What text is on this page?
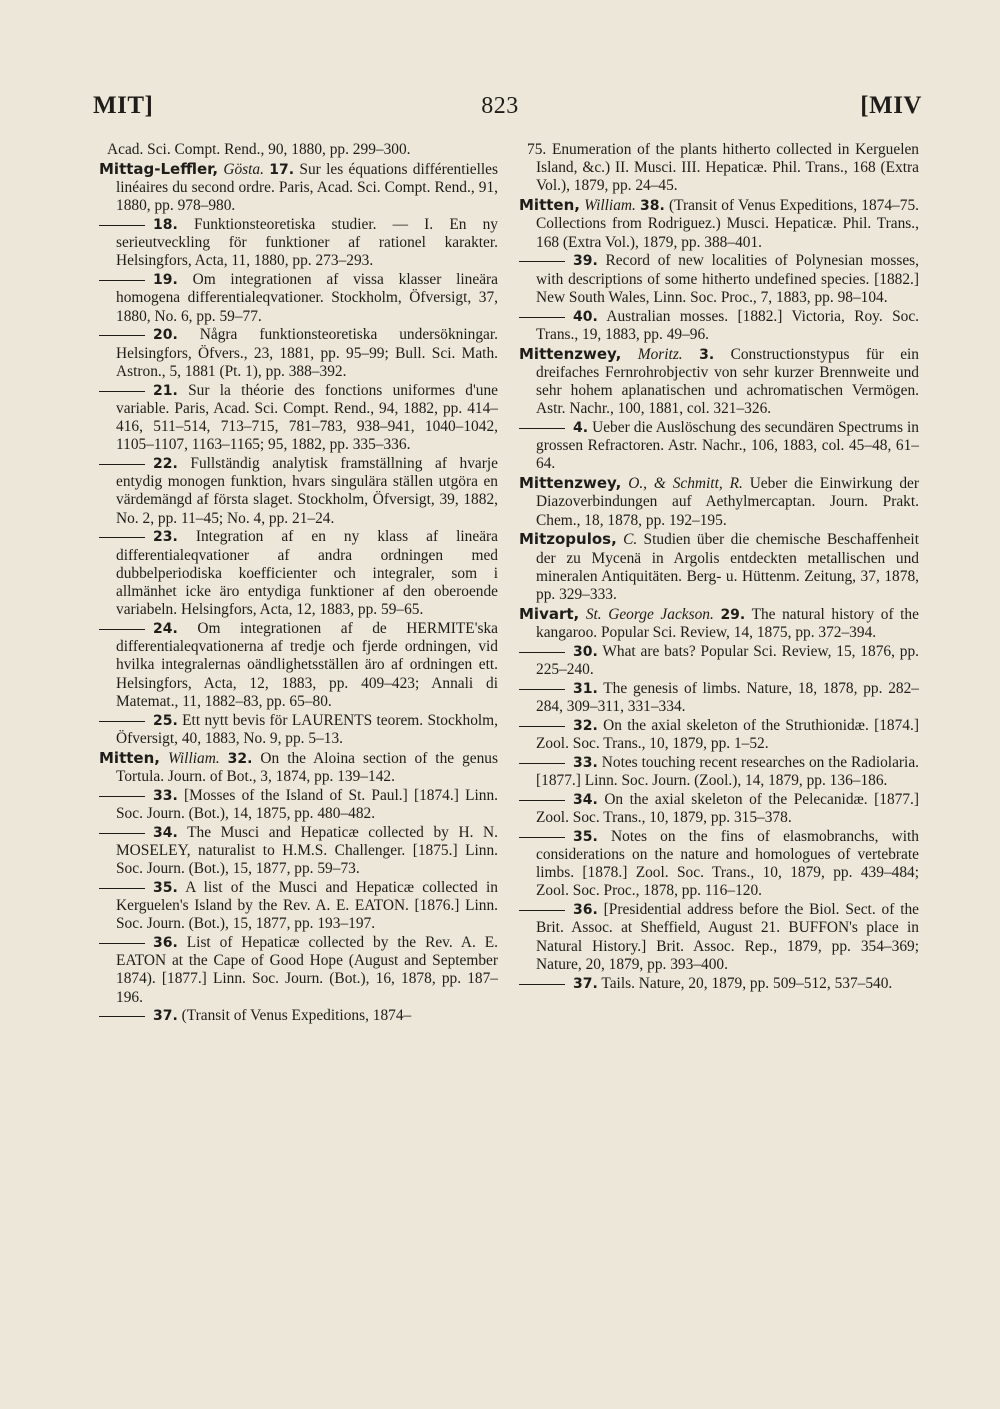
MIT]	823	[MIV

Acad. Sci. Compt. Rend., 90, 1880, pp. 299–300.

Mittag-Leffler, Gösta. 17. Sur les équations différentielles linéaires du second ordre. Paris, Acad. Sci. Compt. Rend., 91, 1880, pp. 978–980.

18. Funktionsteoretiska studier. — I. En ny serieutveckling för funktioner af rationel karakter. Helsingfors, Acta, 11, 1880, pp. 273–293.

19. Om integrationen af vissa klasser lineära homogena differentialeqvationer. Stockholm, Öfversigt, 37, 1880, No. 6, pp. 59–77.

20. Några funktionsteoretiska undersökningar. Helsingfors, Öfvers., 23, 1881, pp. 95–99; Bull. Sci. Math. Astron., 5, 1881 (Pt. 1), pp. 388–392.

21. Sur la théorie des fonctions uniformes d'une variable. Paris, Acad. Sci. Compt. Rend., 94, 1882, pp. 414–416, 511–514, 713–715, 781–783, 938–941, 1040–1042, 1105–1107, 1163–1165; 95, 1882, pp. 335–336.

22. Fullständig analytisk framställning af hvarje entydig monogen funktion, hvars singulära ställen utgöra en värdemängd af första slaget. Stockholm, Öfversigt, 39, 1882, No. 2, pp. 11–45; No. 4, pp. 21–24.

23. Integration af en ny klass af lineära differentialeqvationer af andra ordningen med dubbelperiodiska koefficienter och integraler, som i allmänhet icke äro entydiga funktioner af den oberoende variabeln. Helsingfors, Acta, 12, 1883, pp. 59–65.

24. Om integrationen af de HERMITE'ska differentialeqvationerna af tredje och fjerde ordningen, vid hvilka integralernas oändlighetsställen äro af ordningen ett. Helsingfors, Acta, 12, 1883, pp. 409–423; Annali di Matemat., 11, 1882–83, pp. 65–80.

25. Ett nytt bevis för LAURENTS teorem. Stockholm, Öfversigt, 40, 1883, No. 9, pp. 5–13.

Mitten, William. 32. On the Aloina section of the genus Tortula. Journ. of Bot., 3, 1874, pp. 139–142.

33. [Mosses of the Island of St. Paul.] [1874.] Linn. Soc. Journ. (Bot.), 14, 1875, pp. 480–482.

34. The Musci and Hepaticæ collected by H. N. MOSELEY, naturalist to H.M.S. Challenger. [1875.] Linn. Soc. Journ. (Bot.), 15, 1877, pp. 59–73.

35. A list of the Musci and Hepaticæ collected in Kerguelen's Island by the Rev. A. E. EATON. [1876.] Linn. Soc. Journ. (Bot.), 15, 1877, pp. 193–197.

36. List of Hepaticæ collected by the Rev. A. E. EATON at the Cape of Good Hope (August and September 1874). [1877.] Linn. Soc. Journ. (Bot.), 16, 1878, pp. 187–196.

37. (Transit of Venus Expeditions, 1874–

75. Enumeration of the plants hitherto collected in Kerguelen Island, &c.) II. Musci. III. Hepaticæ. Phil. Trans., 168 (Extra Vol.), 1879, pp. 24–45.

Mitten, William. 38. (Transit of Venus Expeditions, 1874–75. Collections from Rodriguez.) Musci. Hepaticæ. Phil. Trans., 168 (Extra Vol.), 1879, pp. 388–401.

39. Record of new localities of Polynesian mosses, with descriptions of some hitherto undefined species. [1882.] New South Wales, Linn. Soc. Proc., 7, 1883, pp. 98–104.

40. Australian mosses. [1882.] Victoria, Roy. Soc. Trans., 19, 1883, pp. 49–96.

Mittenzwey, Moritz. 3. Constructionstypus für ein dreifaches Fernrohrobjectiv von sehr kurzer Brennweite und sehr hohem aplanatischen und achromatischen Vermögen. Astr. Nachr., 100, 1881, col. 321–326.

4. Ueber die Auslöschung des secundären Spectrums in grossen Refractoren. Astr. Nachr., 106, 1883, col. 45–48, 61–64.

Mittenzwey, O., & Schmitt, R. Ueber die Einwirkung der Diazoverbindungen auf Aethylmercaptan. Journ. Prakt. Chem., 18, 1878, pp. 192–195.

Mitzopulos, C. Studien über die chemische Beschaffenheit der zu Mycenä in Argolis entdeckten metallischen und mineralen Antiquitäten. Berg- u. Hüttenm. Zeitung, 37, 1878, pp. 329–333.

Mivart, St. George Jackson. 29. The natural history of the kangaroo. Popular Sci. Review, 14, 1875, pp. 372–394.

30. What are bats? Popular Sci. Review, 15, 1876, pp. 225–240.

31. The genesis of limbs. Nature, 18, 1878, pp. 282–284, 309–311, 331–334.

32. On the axial skeleton of the Struthionidæ. [1874.] Zool. Soc. Trans., 10, 1879, pp. 1–52.

33. Notes touching recent researches on the Radiolaria. [1877.] Linn. Soc. Journ. (Zool.), 14, 1879, pp. 136–186.

34. On the axial skeleton of the Pelecanidæ. [1877.] Zool. Soc. Trans., 10, 1879, pp. 315–378.

35. Notes on the fins of elasmobranchs, with considerations on the nature and homologues of vertebrate limbs. [1878.] Zool. Soc. Trans., 10, 1879, pp. 439–484; Zool. Soc. Proc., 1878, pp. 116–120.

36. [Presidential address before the Biol. Sect. of the Brit. Assoc. at Sheffield, August 21. BUFFON's place in Natural History.] Brit. Assoc. Rep., 1879, pp. 354–369; Nature, 20, 1879, pp. 393–400.

37. Tails. Nature, 20, 1879, pp. 509–512, 537–540.
